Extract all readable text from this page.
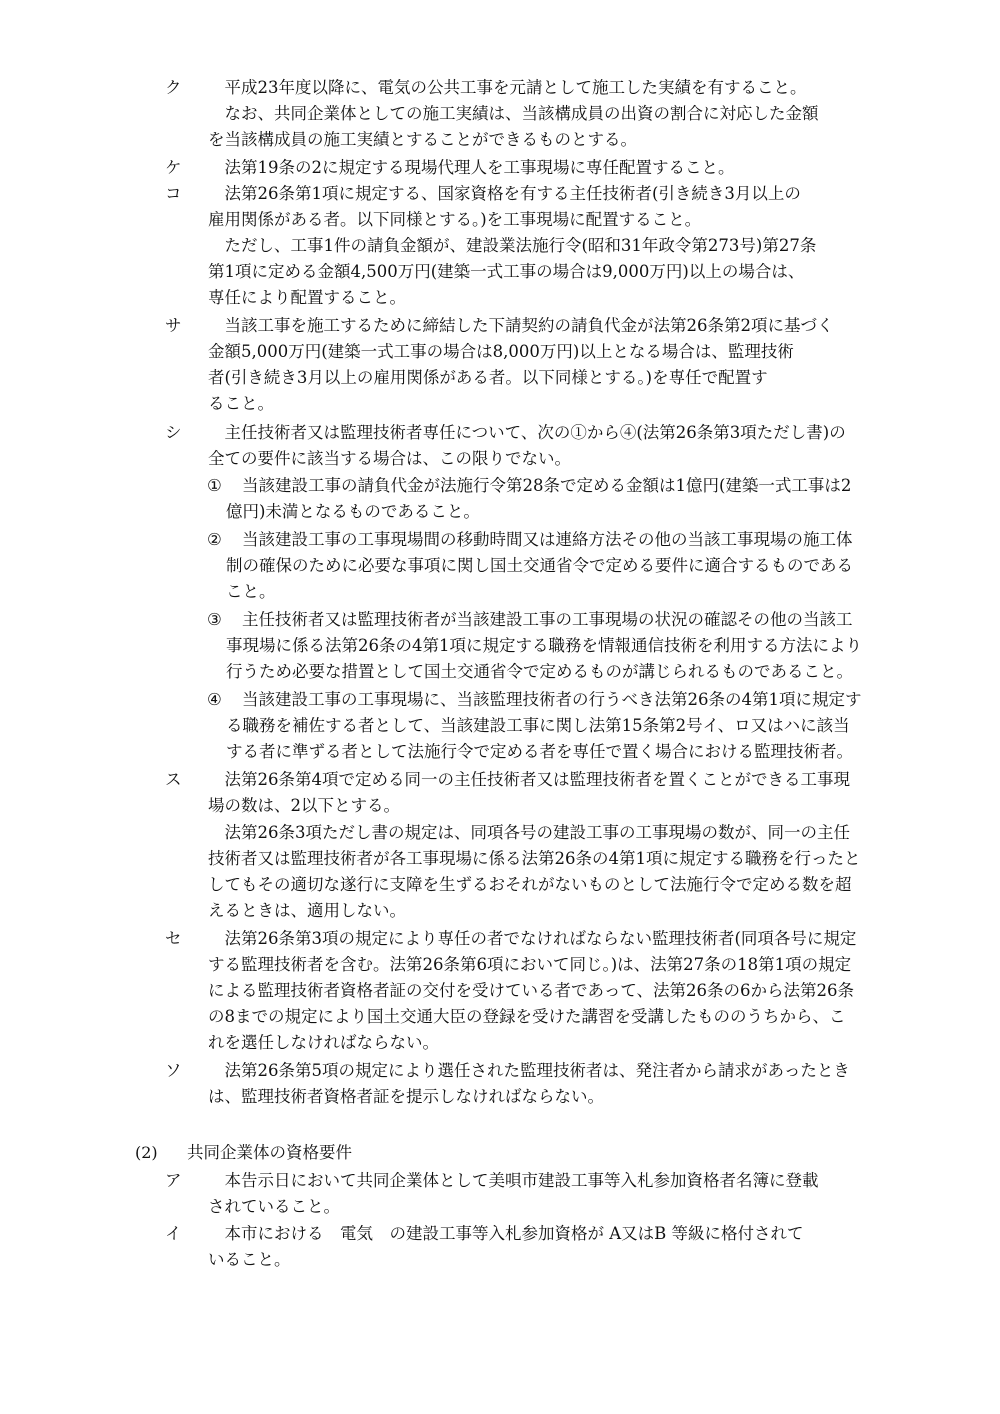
ク 　平成23年度以降に、電気の公共工事を元請として施工した実績を有すること。
　なお、共同企業体としての施工実績は、当該構成員の出資の割合に対応した金額
を当該構成員の施工実績とすることができるものとする。
ケ 　法第19条の2に規定する現場代理人を工事現場に専任配置すること。
コ 　法第26条第1項に規定する、国家資格を有する主任技術者(引き続き3月以上の
雇用関係がある者。以下同様とする。)を工事現場に配置すること。
　ただし、工事1件の請負金額が、建設業法施行令(昭和31年政令第273号)第27条
第1項に定める金額4,500万円(建築一式工事の場合は9,000万円)以上の場合は、
専任により配置すること。
サ 　当該工事を施工するために締結した下請契約の請負代金が法第26条第2項に基づく
金額5,000万円(建築一式工事の場合は8,000万円)以上となる場合は、監理技術
者(引き続き3月以上の雇用関係がある者。以下同様とする。)を専任で配置す
ること。
シ 　主任技術者又は監理技術者専任について、次の①から④(法第26条第3項ただし書)の
全ての要件に該当する場合は、この限りでない。
① 当該建設工事の請負代金が法施行令第28条で定める金額は1億円(建築一式工事は2
億円)未満となるものであること。
② 当該建設工事の工事現場間の移動時間又は連絡方法その他の当該工事現場の施工体
制の確保のために必要な事項に関し国土交通省令で定める要件に適合するものである
こと。
③ 主任技術者又は監理技術者が当該建設工事の工事現場の状況の確認その他の当該工
事現場に係る法第26条の4第1項に規定する職務を情報通信技術を利用する方法により
行うため必要な措置として国土交通省令で定めるものが講じられるものであること。
④ 当該建設工事の工事現場に、当該監理技術者の行うべき法第26条の4第1項に規定す
る職務を補佐する者として、当該建設工事に関し法第15条第2号イ、ロ又はハに該当
する者に準ずる者として法施行令で定める者を専任で置く場合における監理技術者。
ス 　法第26条第4項で定める同一の主任技術者又は監理技術者を置くことができる工事現
場の数は、2以下とする。
　法第26条3項ただし書の規定は、同項各号の建設工事の工事現場の数が、同一の主任
技術者又は監理技術者が各工事現場に係る法第26条の4第1項に規定する職務を行ったと
してもその適切な遂行に支障を生ずるおそれがないものとして法施行令で定める数を超
えるときは、適用しない。
セ 　法第26条第3項の規定により専任の者でなければならない監理技術者(同項各号に規定
する監理技術者を含む。法第26条第6項において同じ。)は、法第27条の18第1項の規定
による監理技術者資格者証の交付を受けている者であって、法第26条の6から法第26条
の8までの規定により国土交通大臣の登録を受けた講習を受講したもののうちから、こ
れを選任しなければならない。
ソ 　法第26条第5項の規定により選任された監理技術者は、発注者から請求があったとき
は、監理技術者資格者証を提示しなければならない。
(2) 共同企業体の資格要件
ア 　本告示日において共同企業体として美唄市建設工事等入札参加資格者名簿に登載
されていること。
イ 　本市における　電気　の建設工事等入札参加資格が A又はB 等級に格付されて
いること。
